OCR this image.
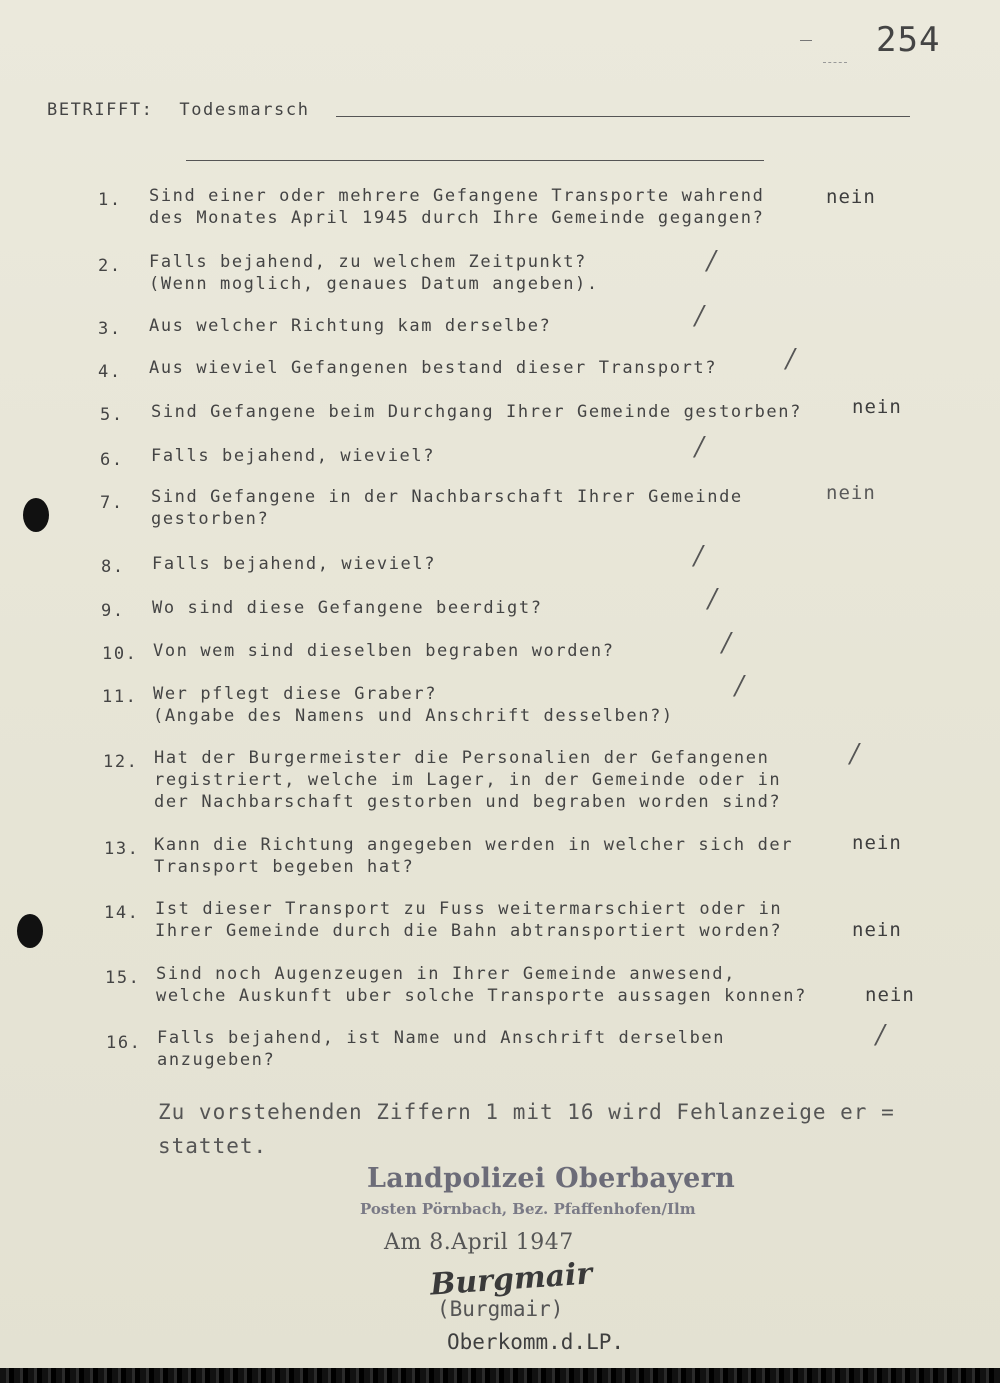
254
BETRIFFT: Todesmarsch
1. Sind einer oder mehrere Gefangene Transporte wahrend
des Monates April 1945 durch Ihre Gemeinde gegangen?
nein
2. Falls bejahend, zu welchem Zeitpunkt?
(Wenn moglich, genaues Datum angeben).
/
3. Aus welcher Richtung kam derselbe?	/
4. Aus wieviel Gefangenen bestand dieser Transport?	/
5. Sind Gefangene beim Durchgang Ihrer Gemeinde gestorben?	nein
6. Falls bejahend, wieviel?	/
7. Sind Gefangene in der Nachbarschaft Ihrer Gemeinde
gestorben?
nein
8. Falls bejahend, wieviel?	/
9. Wo sind diese Gefangene beerdigt?	/
10. Von wem sind dieselben begraben worden?	/
11. Wer pflegt diese Graber?
(Angabe des Namens und Anschrift desselben?)
/
12. Hat der Burgermeister die Personalien der Gefangenen
registriert, welche im Lager, in der Gemeinde oder in
der Nachbarschaft gestorben und begraben worden sind?
/
13. Kann die Richtung angegeben werden in welcher sich der
Transport begeben hat?
nein
14. Ist dieser Transport zu Fuss weitermarschiert oder in
Ihrer Gemeinde durch die Bahn abtransportiert worden?	nein
15. Sind noch Augenzeugen in Ihrer Gemeinde anwesend,
welche Auskunft uber solche Transporte aussagen konnen?	nein
16. Falls bejahend, ist Name und Anschrift derselben
anzugeben?
/
Zu vorstehenden Ziffern 1 mit 16 wird Fehlanzeige er =
stattet.
Landpolizei Oberbayern
Posten Pörnbach, Bez. Pfaffenhofen/Ilm
Am 8.April 1947
Burgmair
(Burgmair)
Oberkomm.d.LP.
